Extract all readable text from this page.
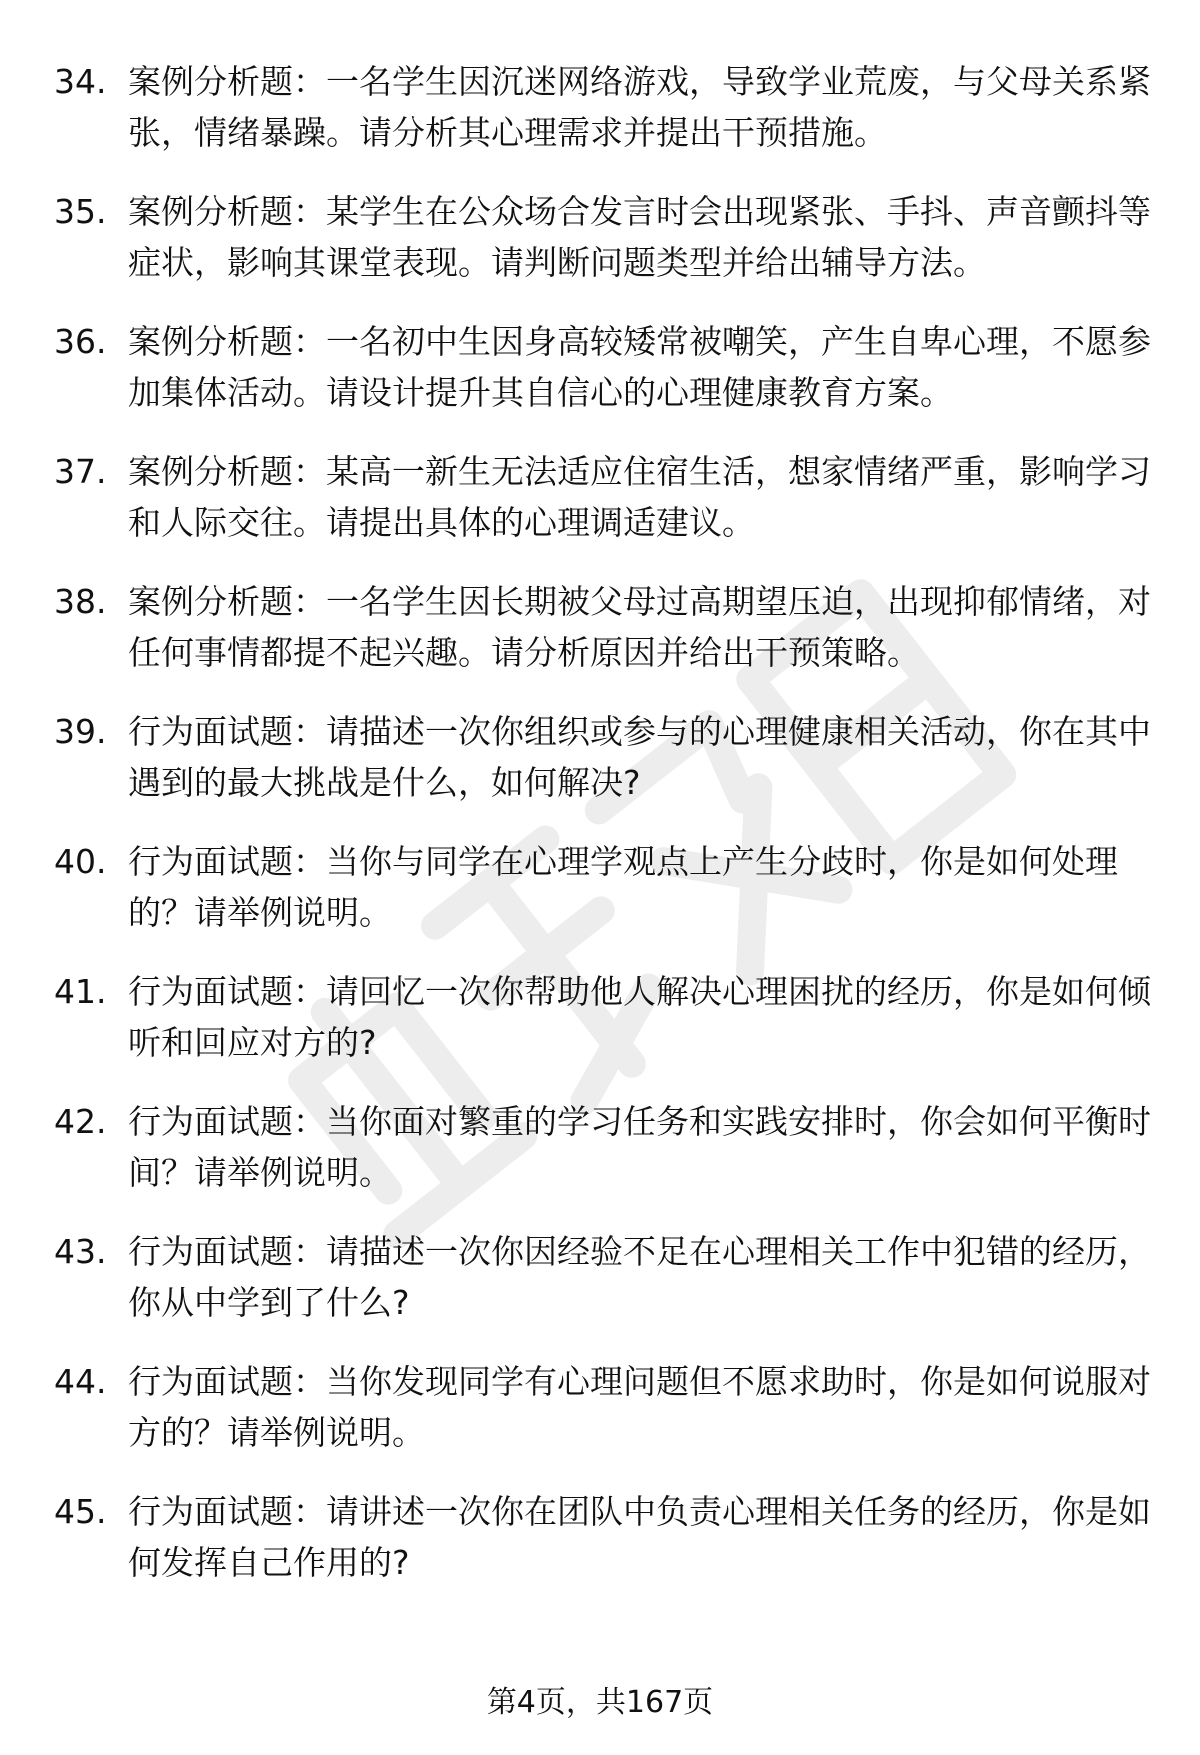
34. 案例分析题：一名学生因沉迷网络游戏，导致学业荒废，与父母关系紧张，情绪暴躁。请分析其心理需求并提出干预措施。
35. 案例分析题：某学生在公众场合发言时会出现紧张、手抖、声音颤抖等症状，影响其课堂表现。请判断问题类型并给出辅导方法。
36. 案例分析题：一名初中生因身高较矮常被嘲笑，产生自卑心理，不愿参加集体活动。请设计提升其自信心的心理健康教育方案。
37. 案例分析题：某高一新生无法适应住宿生活，想家情绪严重，影响学习和人际交往。请提出具体的心理调适建议。
38. 案例分析题：一名学生因长期被父母过高期望压迫，出现抑郁情绪，对任何事情都提不起兴趣。请分析原因并给出干预策略。
39. 行为面试题：请描述一次你组织或参与的心理健康相关活动，你在其中遇到的最大挑战是什么，如何解决?
40. 行为面试题：当你与同学在心理学观点上产生分歧时，你是如何处理的？请举例说明。
41. 行为面试题：请回忆一次你帮助他人解决心理困扰的经历，你是如何倾听和回应对方的?
42. 行为面试题：当你面对繁重的学习任务和实践安排时，你会如何平衡时间？请举例说明。
43. 行为面试题：请描述一次你因经验不足在心理相关工作中犯错的经历，你从中学到了什么?
44. 行为面试题：当你发现同学有心理问题但不愿求助时，你是如何说服对方的？请举例说明。
45. 行为面试题：请讲述一次你在团队中负责心理相关任务的经历，你是如何发挥自己作用的?
第4页，共167页
